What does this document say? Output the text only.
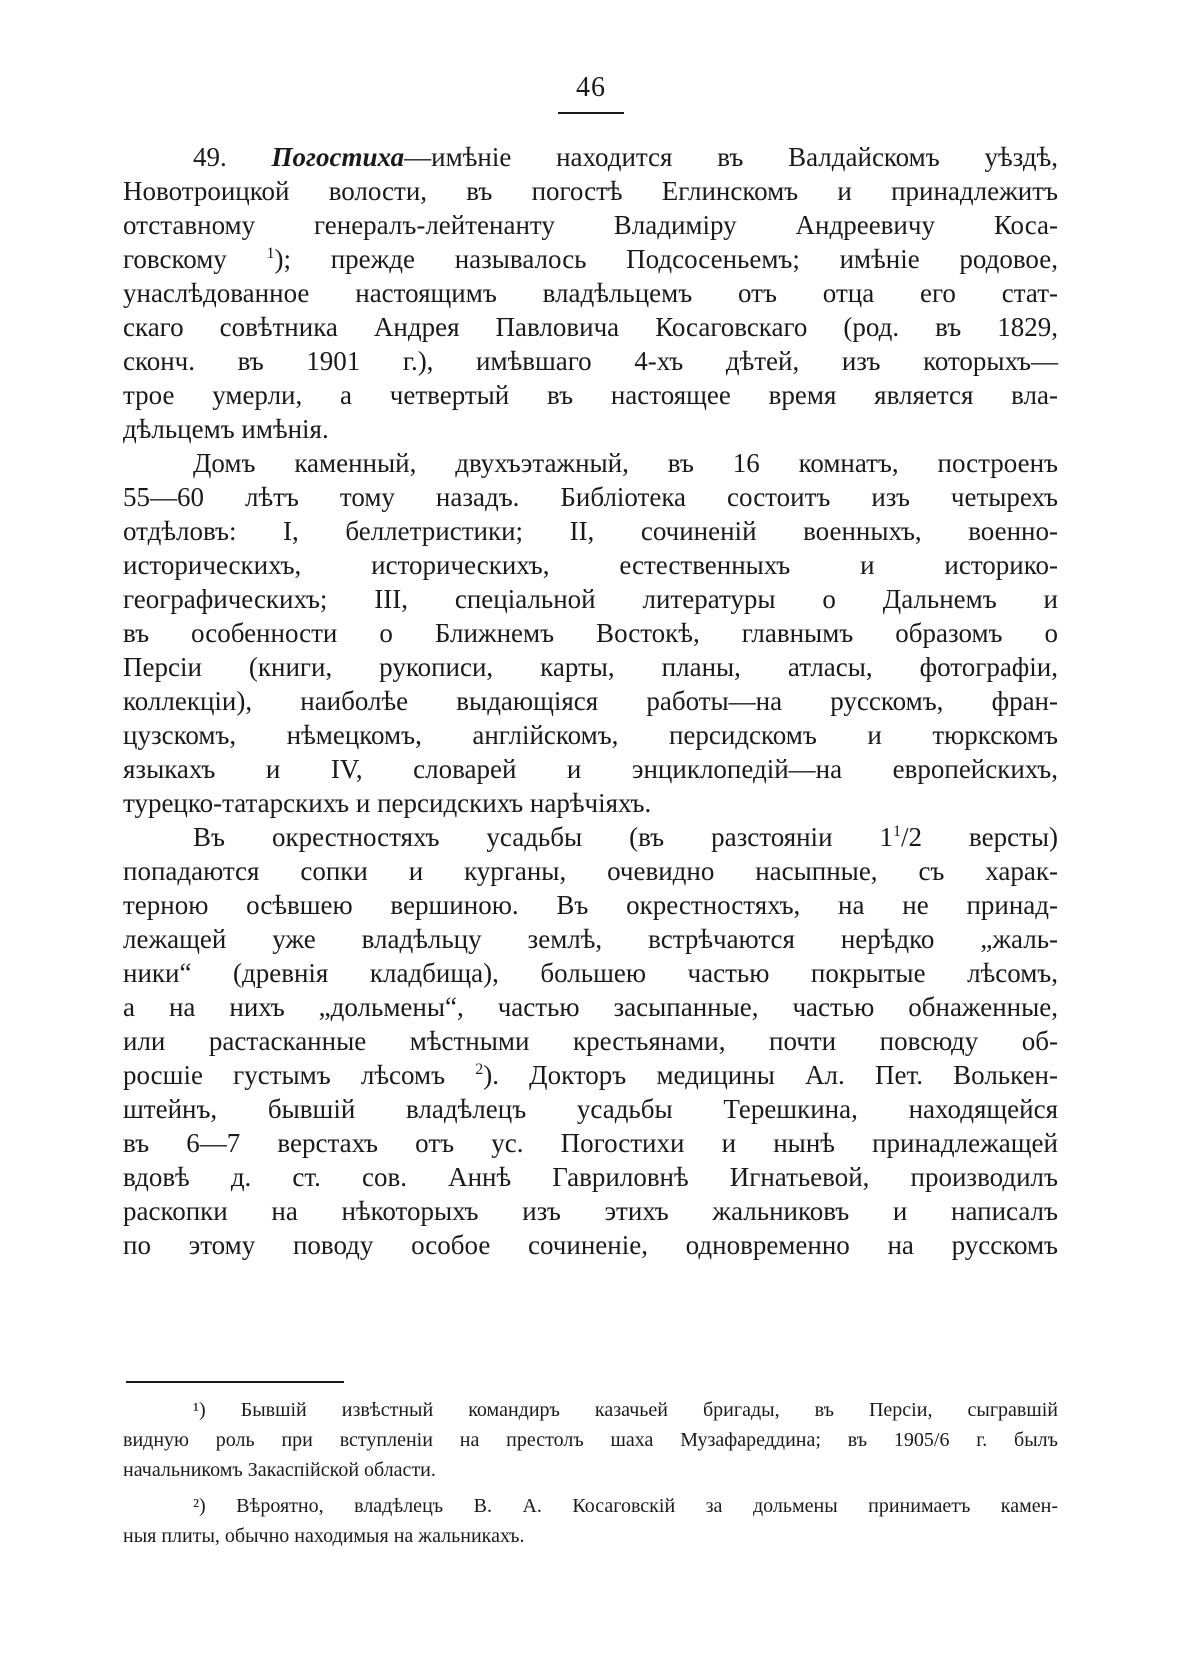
46
49. Погостиха—имѣніе находится въ Валдайскомъ уѣздѣ,
Новотроицкой волости, въ погостѣ Еглинскомъ и принадлежитъ
отставному генералъ-лейтенанту Владиміру Андреевичу Коса-
говскому $^1$); прежде называлось Подсосеньемъ; имѣніе родовое,
унаслѣдованное настоящимъ владѣльцемъ отъ отца его стат-
скаго совѣтника Андрея Павловича Косаговскаго (род. въ 1829,
сконч. въ 1901 г.), имѣвшаго 4-хъ дѣтей, изъ которыхъ—
трое умерли, а четвертый въ настоящее время является вла-
дѣльцемъ имѣнія.
Домъ каменный, двухъэтажный, въ 16 комнатъ, построенъ
55—60 лѣтъ тому назадъ. Библіотека состоитъ изъ четырехъ
отдѣловъ: I, беллетристики; II, сочиненій военныхъ, военно-
историческихъ, историческихъ, естественныхъ и историко-
географическихъ; III, спеціальной литературы о Дальнемъ и
въ особенности о Ближнемъ Востокѣ, главнымъ образомъ о
Персіи (книги, рукописи, карты, планы, атласы, фотографіи,
коллекціи), наиболѣе выдающіяся работы—на русскомъ, фран-
цузскомъ, нѣмецкомъ, англійскомъ, персидскомъ и тюркскомъ
языкахъ и IV, словарей и энциклопедій—на европейскихъ,
турецко-татарскихъ и персидскихъ нарѣчіяхъ.
Въ окрестностяхъ усадьбы (въ разстояніи $1^1/2$ версты)
попадаются сопки и курганы, очевидно насыпные, съ харак-
терною осѣвшею вершиною. Въ окрестностяхъ, на не принад-
лежащей уже владѣльцу землѣ, встрѣчаются нерѣдко „жаль-
ники“ (древнія кладбища), большею частью покрытые лѣсомъ,
а на нихъ „дольмены“, частью засыпанные, частью обнаженные,
или растасканные мѣстными крестьянами, почти повсюду об-
росшіе густымъ лѣсомъ $^2$). Докторъ медицины Ал. Пет. Волькен-
штейнъ, бывшій владѣлецъ усадьбы Терешкина, находящейся
въ 6—7 верстахъ отъ ус. Погостихи и нынѣ принадлежащей
вдовѣ д. ст. сов. Аннѣ Гавриловнѣ Игнатьевой, производилъ
раскопки на нѣкоторыхъ изъ этихъ жальниковъ и написалъ
по этому поводу особое сочиненіе, одновременно на русскомъ
¹) Бывшій извѣстный командиръ казачьей бригады, въ Персіи, сыгравшій
видную роль при вступленіи на престолъ шаха Музафареддина; въ 1905/6 г. былъ
начальникомъ Закаспійской области.
²) Вѣроятно, владѣлецъ В. А. Косаговскій за дольмены принимаетъ камен-
ныя плиты, обычно находимыя на жальникахъ.
